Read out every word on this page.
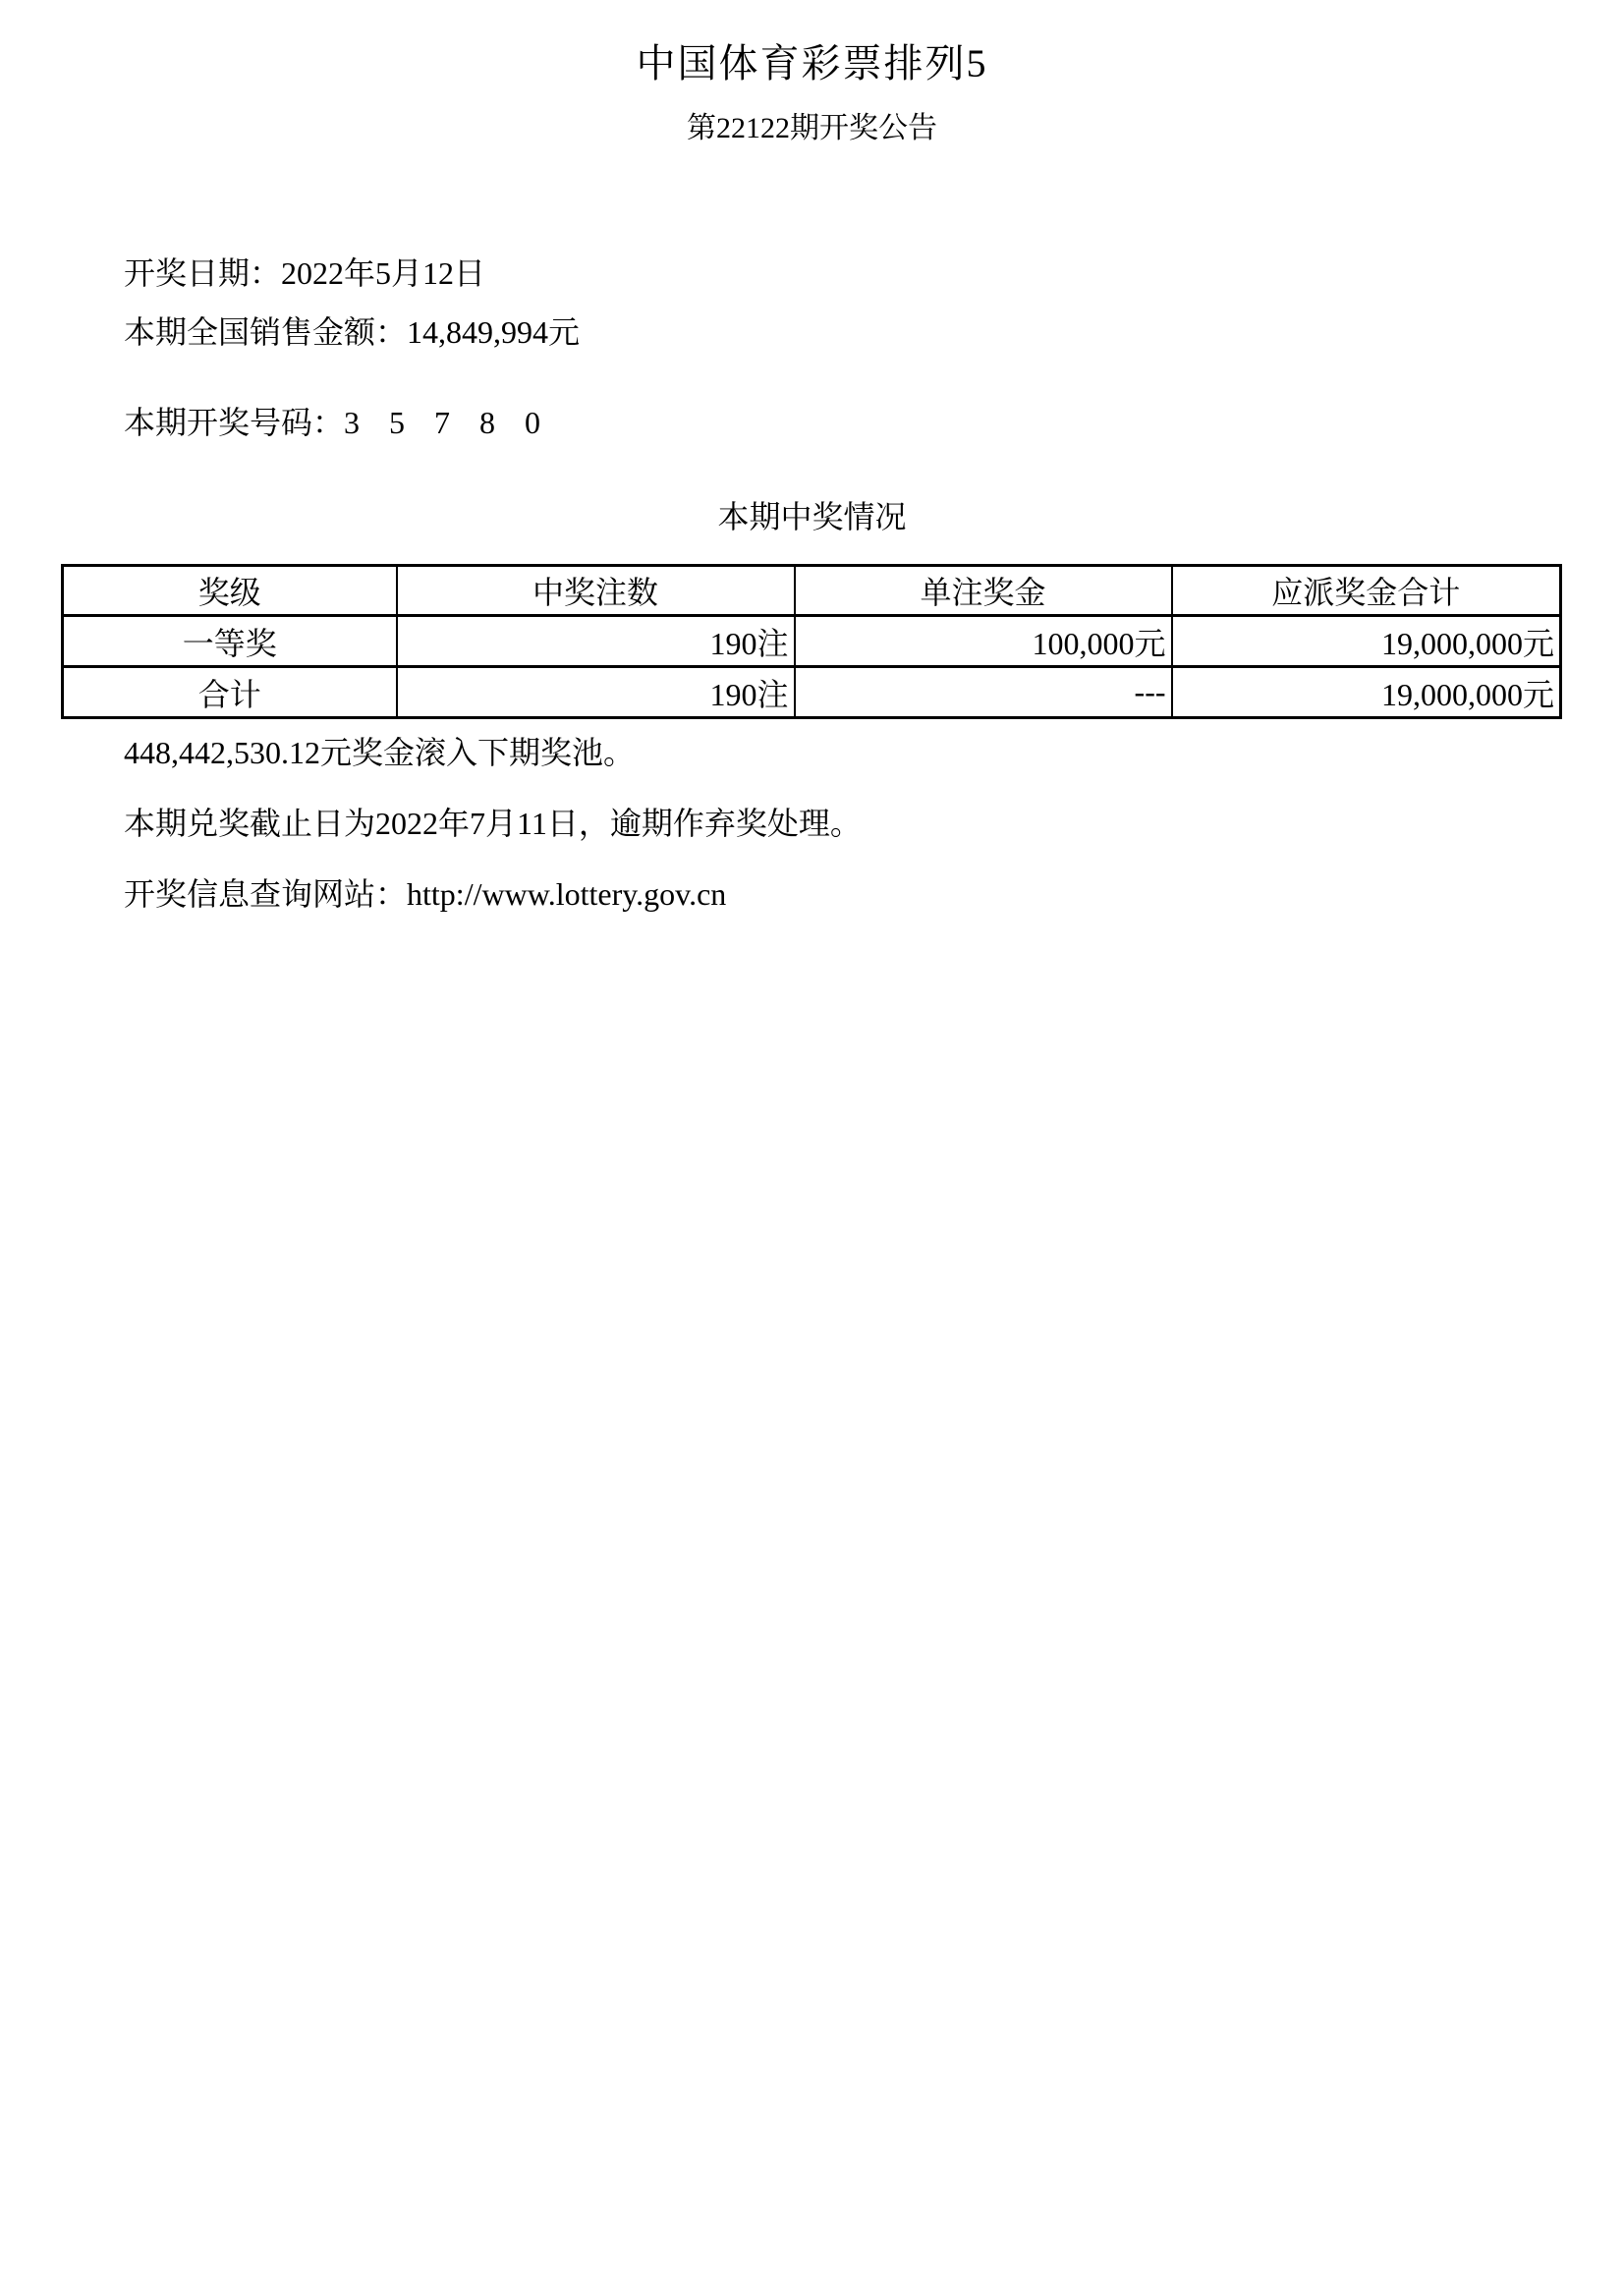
中国体育彩票排列5
第22122期开奖公告
开奖日期：2022年5月12日
本期全国销售金额：14,849,994元
本期开奖号码：3 5 7 8 0
本期中奖情况
奖级	中奖注数	单注奖金	应派奖金合计
一等奖	190注	100,000元	19,000,000元
合计	190注	---	19,000,000元
448,442,530.12元奖金滚入下期奖池。
本期兑奖截止日为2022年7月11日，逾期作弃奖处理。
开奖信息查询网站：http://www.lottery.gov.cn
